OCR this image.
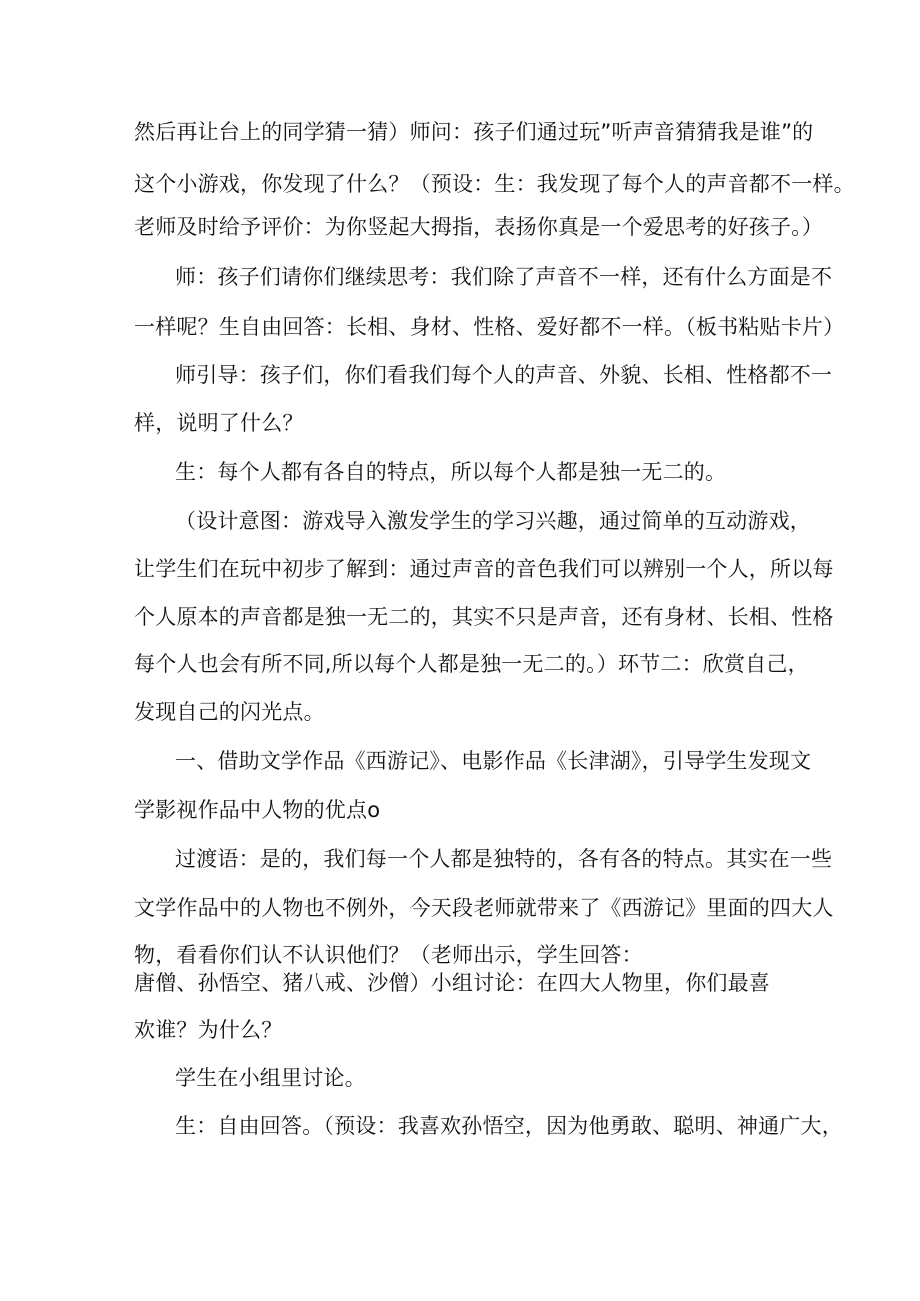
然后再让台上的同学猜一猜）师问：孩子们通过玩”听声音猜猜我是谁”的
这个小游戏，你发现了什么？（预设：生：我发现了每个人的声音都不一样。
老师及时给予评价：为你竖起大拇指，表扬你真是一个爱思考的好孩子。）
师：孩子们请你们继续思考：我们除了声音不一样，还有什么方面是不
一样呢？生自由回答：长相、身材、性格、爱好都不一样。（板书粘贴卡片）
师引导：孩子们，你们看我们每个人的声音、外貌、长相、性格都不一
样，说明了什么？
生：每个人都有各自的特点，所以每个人都是独一无二的。
（设计意图：游戏导入激发学生的学习兴趣，通过简单的互动游戏，
让学生们在玩中初步了解到：通过声音的音色我们可以辨别一个人，所以每
个人原本的声音都是独一无二的，其实不只是声音，还有身材、长相、性格
每个人也会有所不同,所以每个人都是独一无二的。）环节二：欣赏自己，
发现自己的闪光点。
一、借助文学作品《西游记》、电影作品《长津湖》，引导学生发现文
学影视作品中人物的优点o
过渡语：是的，我们每一个人都是独特的，各有各的特点。其实在一些
文学作品中的人物也不例外，今天段老师就带来了《西游记》里面的四大人
物，看看你们认不认识他们？（老师出示，学生回答：
唐僧、孙悟空、猪八戒、沙僧）小组讨论：在四大人物里，你们最喜
欢谁？为什么？
学生在小组里讨论。
生：自由回答。（预设：我喜欢孙悟空，因为他勇敢、聪明、神通广大，
